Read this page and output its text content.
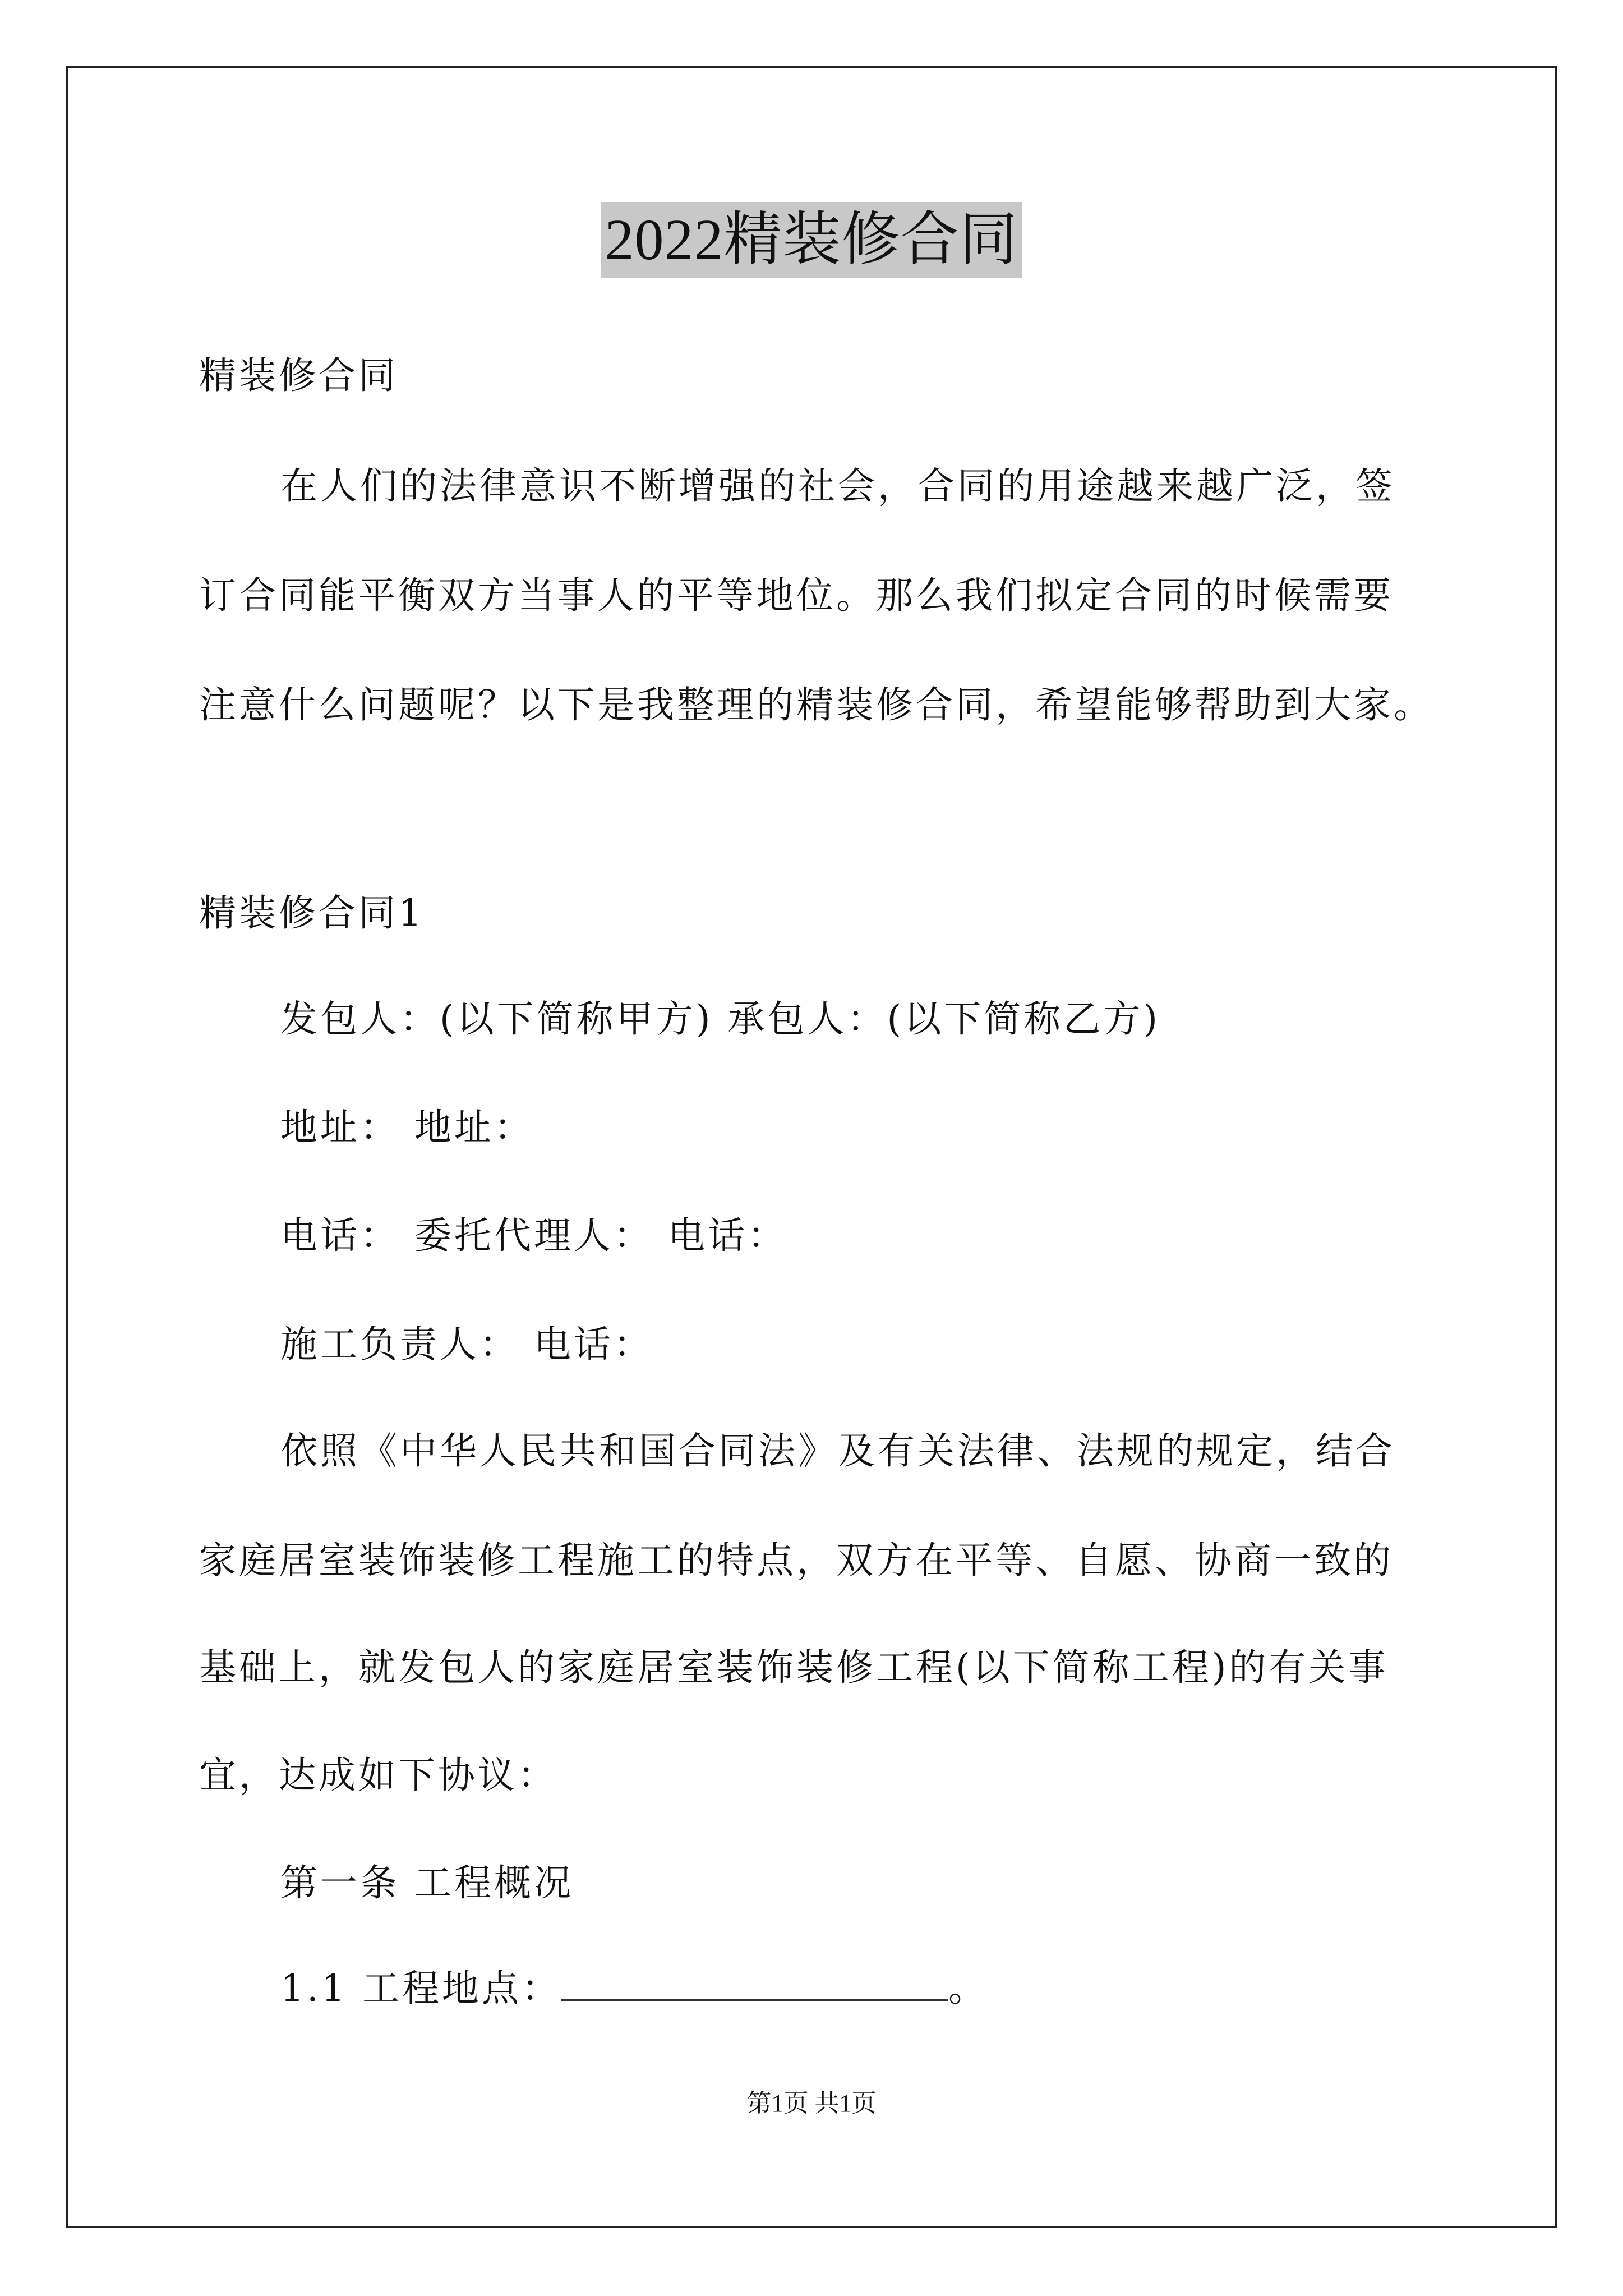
2022精装修合同
精装修合同
在人们的法律意识不断增强的社会，合同的用途越来越广泛，签
订合同能平衡双方当事人的平等地位。那么我们拟定合同的时候需要
注意什么问题呢？以下是我整理的精装修合同，希望能够帮助到大家。
精装修合同1
发包人：(以下简称甲方) 承包人：(以下简称乙方)
地址： 地址：
电话： 委托代理人： 电话：
施工负责人： 电话：
依照《中华人民共和国合同法》及有关法律、法规的规定，结合
家庭居室装饰装修工程施工的特点，双方在平等、自愿、协商一致的
基础上，就发包人的家庭居室装饰装修工程(以下简称工程)的有关事
宜，达成如下协议：
第一条 工程概况
1.1 工程地点：	。
第1页 共1页
